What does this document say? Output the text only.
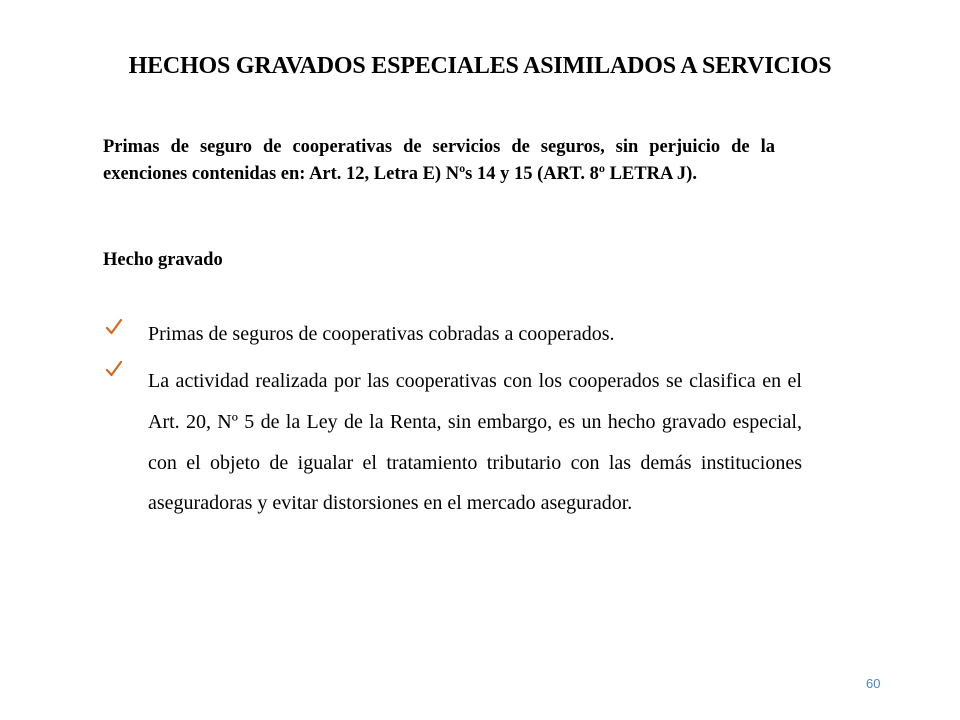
HECHOS GRAVADOS ESPECIALES ASIMILADOS A SERVICIOS

Primas de seguro de cooperativas de servicios de seguros, sin perjuicio de la exenciones contenidas en: Art. 12, Letra E) Nºs 14 y 15 (ART. 8º LETRA J).

Hecho gravado

Primas de seguros de cooperativas cobradas a cooperados.

La actividad realizada por las cooperativas con los cooperados se clasifica en el Art. 20, Nº 5 de la Ley de la Renta, sin embargo, es un hecho gravado especial, con el objeto de igualar el tratamiento tributario con las demás instituciones aseguradoras y evitar distorsiones en el mercado asegurador.

60
